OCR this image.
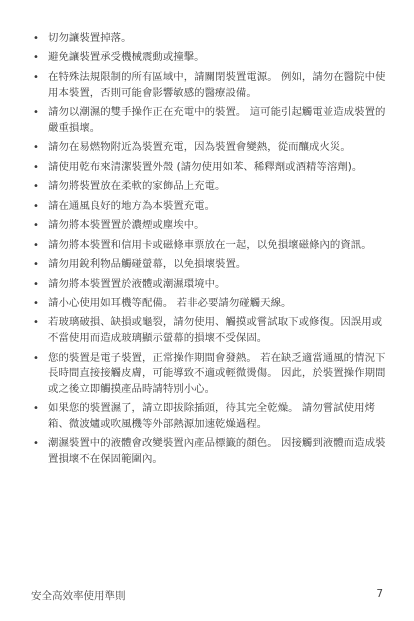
• 切勿讓裝置掉落。
• 避免讓裝置承受機械震動或撞擊。
• 在特殊法規限制的所有區域中，請關閉裝置電源。 例如，請勿在醫院中使用本裝置，否則可能會影響敏感的醫療設備。
• 請勿以潮濕的雙手操作正在充電中的裝置。 這可能引起觸電並造成裝置的嚴重損壞。
• 請勿在易燃物附近為裝置充電，因為裝置會變熱，從而釀成火災。
• 請使用乾布來清潔裝置外殼 (請勿使用如苯、稀釋劑或酒精等溶劑)。
• 請勿將裝置放在柔軟的家飾品上充電。
• 請在通風良好的地方為本裝置充電。
• 請勿將本裝置置於濃煙或塵埃中。
• 請勿將本裝置和信用卡或磁條車票放在一起，以免損壞磁條內的資訊。
• 請勿用銳利物品觸碰螢幕，以免損壞裝置。
• 請勿將本裝置置於液體或潮濕環境中。
• 請小心使用如耳機等配備。 若非必要請勿碰觸天線。
• 若玻璃破損、缺損或龜裂，請勿使用、觸摸或嘗試取下或修復。因誤用或不當使用而造成玻璃顯示螢幕的損壞不受保固。
• 您的裝置是電子裝置，正常操作期間會發熱。 若在缺乏適當通風的情況下長時間直接接觸皮膚，可能導致不適或輕微燙傷。 因此，於裝置操作期間或之後立即觸摸產品時請特別小心。
• 如果您的裝置濕了，請立即拔除插頭，待其完全乾燥。 請勿嘗試使用烤箱、微波爐或吹風機等外部熱源加速乾燥過程。
• 潮濕裝置中的液體會改變裝置內產品標籤的顏色。 因接觸到液體而造成裝置損壞不在保固範圍內。
安全高效率使用準則	7
